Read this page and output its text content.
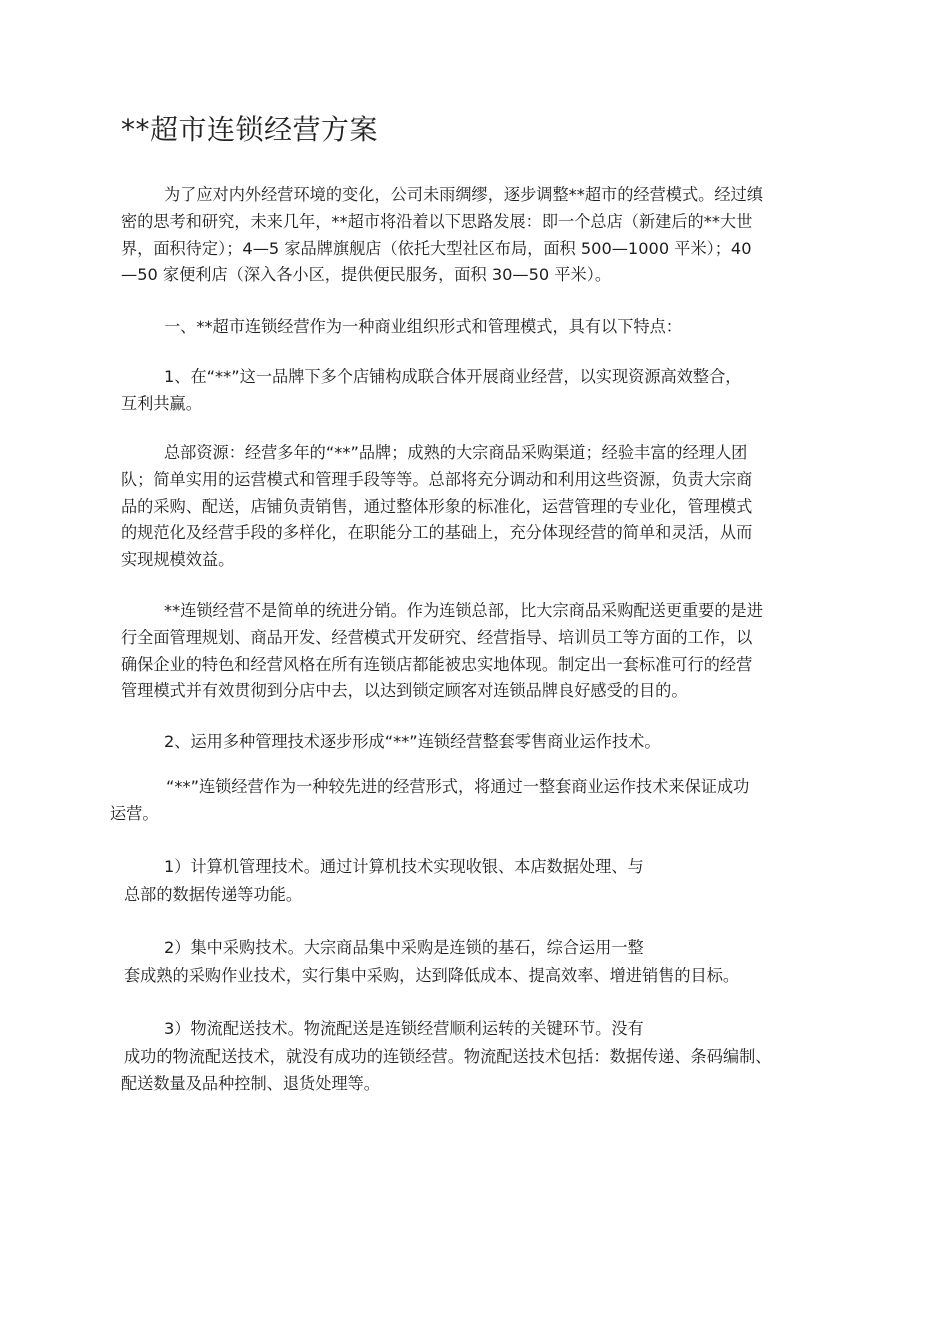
**超市连锁经营方案

为了应对内外经营环境的变化，公司未雨绸缪，逐步调整**超市的经营模式。经过缜
密的思考和研究，未来几年，**超市将沿着以下思路发展：即一个总店（新建后的**大世
界，面积待定）；4—5 家品牌旗舰店（依托大型社区布局，面积 500—1000 平米）；40
—50 家便利店（深入各小区，提供便民服务，面积 30—50 平米）。

一、**超市连锁经营作为一种商业组织形式和管理模式，具有以下特点：

1、在“**”这一品牌下多个店铺构成联合体开展商业经营，以实现资源高效整合，
互利共赢。

总部资源：经营多年的“**”品牌；成熟的大宗商品采购渠道；经验丰富的经理人团
队；简单实用的运营模式和管理手段等等。总部将充分调动和利用这些资源，负责大宗商
品的采购、配送，店铺负责销售，通过整体形象的标准化，运营管理的专业化，管理模式
的规范化及经营手段的多样化，在职能分工的基础上，充分体现经营的简单和灵活，从而
实现规模效益。

**连锁经营不是简单的统进分销。作为连锁总部，比大宗商品采购配送更重要的是进
行全面管理规划、商品开发、经营模式开发研究、经营指导、培训员工等方面的工作，以
确保企业的特色和经营风格在所有连锁店都能被忠实地体现。制定出一套标准可行的经营
管理模式并有效贯彻到分店中去，以达到锁定顾客对连锁品牌良好感受的目的。

2、运用多种管理技术逐步形成“**”连锁经营整套零售商业运作技术。

“**”连锁经营作为一种较先进的经营形式，将通过一整套商业运作技术来保证成功
运营。

1）计算机管理技术。通过计算机技术实现收银、本店数据处理、与
总部的数据传递等功能。

2）集中采购技术。大宗商品集中采购是连锁的基石，综合运用一整
套成熟的采购作业技术，实行集中采购，达到降低成本、提高效率、增进销售的目标。

3）物流配送技术。物流配送是连锁经营顺利运转的关键环节。没有
成功的物流配送技术，就没有成功的连锁经营。物流配送技术包括：数据传递、条码编制、
配送数量及品种控制、退货处理等。
